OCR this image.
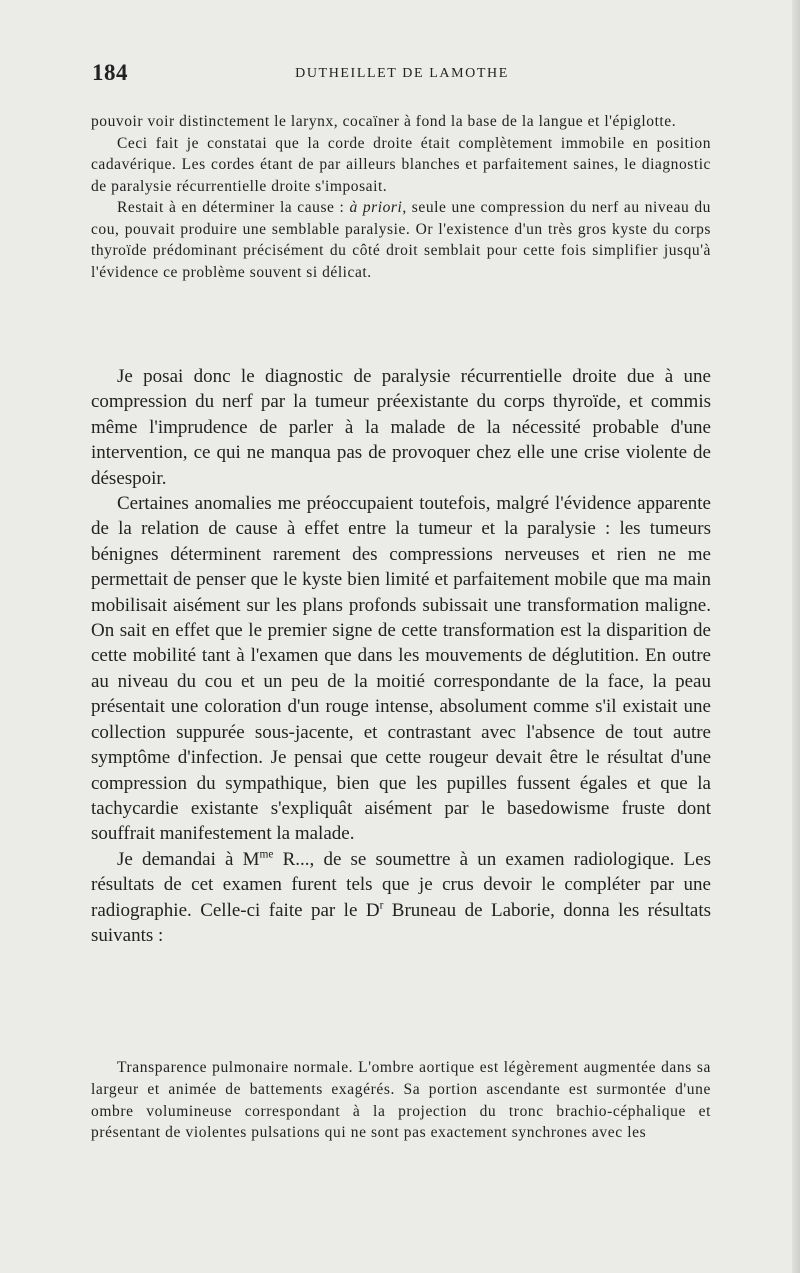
184	DUTHEILLET DE LAMOTHE

pouvoir voir distinctement le larynx, cocaïner à fond la base de la langue et l'épiglotte.

Ceci fait je constatai que la corde droite était complètement immobile en position cadavérique. Les cordes étant de par ailleurs blanches et parfaitement saines, le diagnostic de paralysie récurrentielle droite s'imposait.

Restait à en déterminer la cause : à priori, seule une compression du nerf au niveau du cou, pouvait produire une semblable paralysie. Or l'existence d'un très gros kyste du corps thyroïde prédominant précisément du côté droit semblait pour cette fois simplifier jusqu'à l'évidence ce problème souvent si délicat.

Je posai donc le diagnostic de paralysie récurrentielle droite due à une compression du nerf par la tumeur préexistante du corps thyroïde, et commis même l'imprudence de parler à la malade de la nécessité probable d'une intervention, ce qui ne manqua pas de provoquer chez elle une crise violente de désespoir.

Certaines anomalies me préoccupaient toutefois, malgré l'évidence apparente de la relation de cause à effet entre la tumeur et la paralysie : les tumeurs bénignes déterminent rarement des compressions nerveuses et rien ne me permettait de penser que le kyste bien limité et parfaitement mobile que ma main mobilisait aisément sur les plans profonds subissait une transformation maligne. On sait en effet que le premier signe de cette transformation est la disparition de cette mobilité tant à l'examen que dans les mouvements de déglutition. En outre au niveau du cou et un peu de la moitié correspondante de la face, la peau présentait une coloration d'un rouge intense, absolument comme s'il existait une collection suppurée sous-jacente, et contrastant avec l'absence de tout autre symptôme d'infection. Je pensai que cette rougeur devait être le résultat d'une compression du sympathique, bien que les pupilles fussent égales et que la tachycardie existante s'expliquât aisément par le basedowisme fruste dont souffrait manifestement la malade.

Je demandai à $M^{me}$ R..., de se soumettre à un examen radiologique. Les résultats de cet examen furent tels que je crus devoir le compléter par une radiographie. Celle-ci faite par le $D^r$ Bruneau de Laborie, donna les résultats suivants :

Transparence pulmonaire normale. L'ombre aortique est légèrement augmentée dans sa largeur et animée de battements exagérés. Sa portion ascendante est surmontée d'une ombre volumineuse correspondant à la projection du tronc brachio-céphalique et présentant de violentes pulsations qui ne sont pas exactement synchrones avec les
